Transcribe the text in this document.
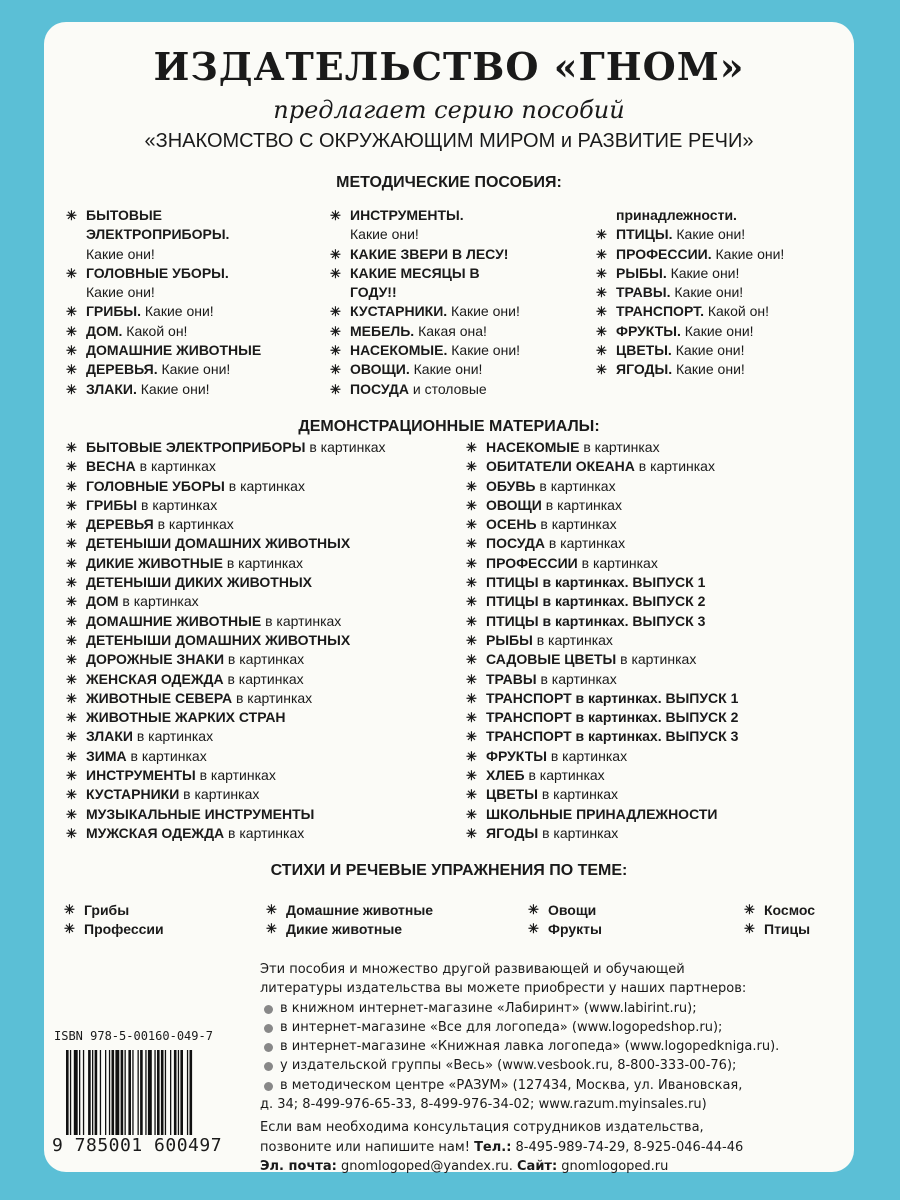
ИЗДАТЕЛЬСТВО «ГНОМ»
предлагает серию пособий
«ЗНАКОМСТВО С ОКРУЖАЮЩИМ МИРОМ и РАЗВИТИЕ РЕЧИ»
МЕТОДИЧЕСКИЕ ПОСОБИЯ:
✳ БЫТОВЫЕ
ЭЛЕКТРОПРИБОРЫ.
Какие они!
✳ ГОЛОВНЫЕ УБОРЫ.
Какие они!
✳ ГРИБЫ. Какие они!
✳ ДОМ. Какой он!
✳ ДОМАШНИЕ ЖИВОТНЫЕ
✳ ДЕРЕВЬЯ. Какие они!
✳ ЗЛАКИ. Какие они!
✳ ИНСТРУМЕНТЫ.
Какие они!
✳ КАКИЕ ЗВЕРИ В ЛЕСУ!
✳ КАКИЕ МЕСЯЦЫ В
ГОДУ!!
✳ КУСТАРНИКИ. Какие они!
✳ МЕБЕЛЬ. Какая она!
✳ НАСЕКОМЫЕ. Какие они!
✳ ОВОЩИ. Какие они!
✳ ПОСУДА и столовые
принадлежности.
✳ ПТИЦЫ. Какие они!
✳ ПРОФЕССИИ. Какие они!
✳ РЫБЫ. Какие они!
✳ ТРАВЫ. Какие они!
✳ ТРАНСПОРТ. Какой он!
✳ ФРУКТЫ. Какие они!
✳ ЦВЕТЫ. Какие они!
✳ ЯГОДЫ. Какие они!
ДЕМОНСТРАЦИОННЫЕ МАТЕРИАЛЫ:
✳ БЫТОВЫЕ ЭЛЕКТРОПРИБОРЫ в картинках
✳ ВЕСНА в картинках
✳ ГОЛОВНЫЕ УБОРЫ в картинках
✳ ГРИБЫ в картинках
✳ ДЕРЕВЬЯ в картинках
✳ ДЕТЕНЫШИ ДОМАШНИХ ЖИВОТНЫХ
✳ ДИКИЕ ЖИВОТНЫЕ в картинках
✳ ДЕТЕНЫШИ ДИКИХ ЖИВОТНЫХ
✳ ДОМ в картинках
✳ ДОМАШНИЕ ЖИВОТНЫЕ в картинках
✳ ДЕТЕНЫШИ ДОМАШНИХ ЖИВОТНЫХ
✳ ДОРОЖНЫЕ ЗНАКИ в картинках
✳ ЖЕНСКАЯ ОДЕЖДА в картинках
✳ ЖИВОТНЫЕ СЕВЕРА в картинках
✳ ЖИВОТНЫЕ ЖАРКИХ СТРАН
✳ ЗЛАКИ в картинках
✳ ЗИМА в картинках
✳ ИНСТРУМЕНТЫ в картинках
✳ КУСТАРНИКИ в картинках
✳ МУЗЫКАЛЬНЫЕ ИНСТРУМЕНТЫ
✳ МУЖСКАЯ ОДЕЖДА в картинках
✳ НАСЕКОМЫЕ в картинках
✳ ОБИТАТЕЛИ ОКЕАНА в картинках
✳ ОБУВЬ в картинках
✳ ОВОЩИ в картинках
✳ ОСЕНЬ в картинках
✳ ПОСУДА в картинках
✳ ПРОФЕССИИ в картинках
✳ ПТИЦЫ в картинках. ВЫПУСК 1
✳ ПТИЦЫ в картинках. ВЫПУСК 2
✳ ПТИЦЫ в картинках. ВЫПУСК 3
✳ РЫБЫ в картинках
✳ САДОВЫЕ ЦВЕТЫ в картинках
✳ ТРАВЫ в картинках
✳ ТРАНСПОРТ в картинках. ВЫПУСК 1
✳ ТРАНСПОРТ в картинках. ВЫПУСК 2
✳ ТРАНСПОРТ в картинках. ВЫПУСК 3
✳ ФРУКТЫ в картинках
✳ ХЛЕБ в картинках
✳ ЦВЕТЫ в картинках
✳ ШКОЛЬНЫЕ ПРИНАДЛЕЖНОСТИ
✳ ЯГОДЫ в картинках
СТИХИ И РЕЧЕВЫЕ УПРАЖНЕНИЯ ПО ТЕМЕ:
✳ Грибы
✳ Профессии
✳ Домашние животные
✳ Дикие животные
✳ Овощи
✳ Фрукты
✳ Космос
✳ Птицы
Эти пособия и множество другой развивающей и обучающей
литературы издательства вы можете приобрести у наших партнеров:
в книжном интернет-магазине «Лабиринт» (www.labirint.ru);
в интернет-магазине «Все для логопеда» (www.logopedshop.ru);
в интернет-магазине «Книжная лавка логопеда» (www.logopedkniga.ru).
у издательской группы «Весь» (www.vesbook.ru, 8-800-333-00-76);
в методическом центре «РАЗУМ» (127434, Москва, ул. Ивановская,
д. 34; 8-499-976-65-33, 8-499-976-34-02; www.razum.myinsales.ru)
Если вам необходима консультация сотрудников издательства,
позвоните или напишите нам! Тел.: 8-495-989-74-29, 8-925-046-44-46
Эл. почта: gnomlogoped@yandex.ru. Сайт: gnomlogoped.ru
ISBN 978-5-00160-049-7
9 785001 600497
